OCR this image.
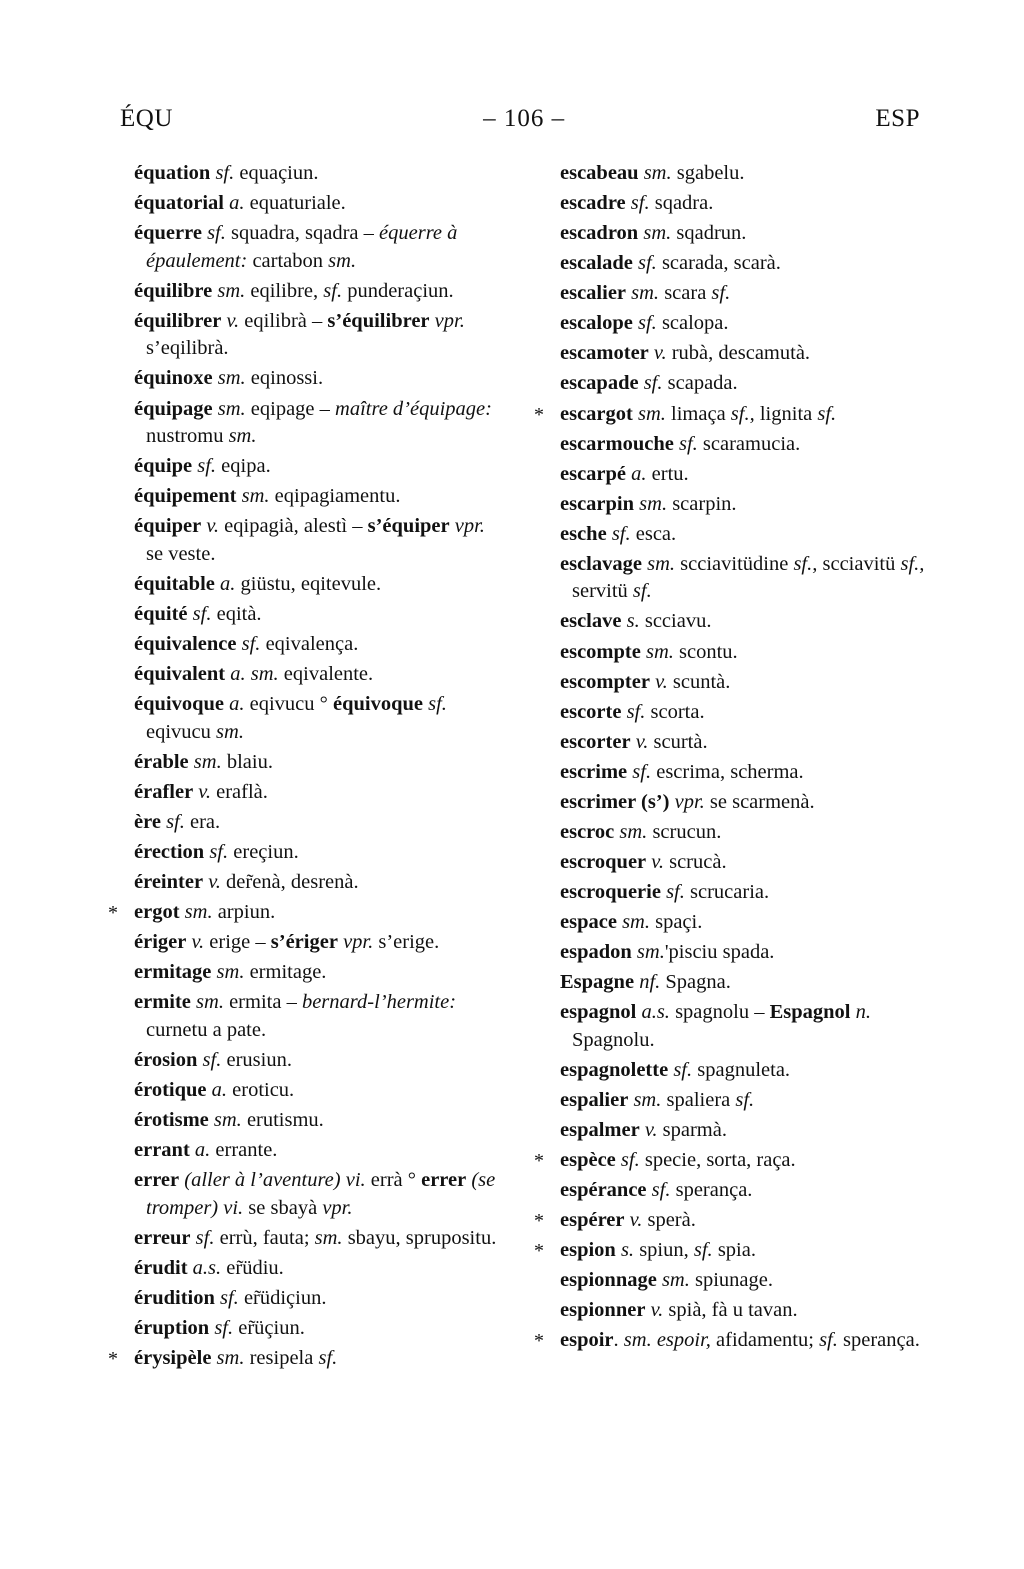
ÉQU	– 106 –	ESP
équation sf. equaçiun.
équatorial a. equaturiale.
équerre sf. squadra, sqadra – équerre à épaulement: cartabon sm.
équilibre sm. eqilibre, sf. punderaçiun.
équilibrer v. eqilibrà – s’équilibrer vpr. s’eqilibrà.
équinoxe sm. eqinossi.
équipage sm. eqipage – maître d’équipage: nustromu sm.
équipe sf. eqipa.
équipement sm. eqipagiamentu.
équiper v. eqipagià, alestì – s’équiper vpr. se veste.
équitable a. giüstu, eqitevule.
équité sf. eqità.
équivalence sf. eqivalença.
équivalent a. sm. eqivalente.
équivoque a. eqivucu ° équivoque sf. eqivucu sm.
érable sm. blaiu.
érafler v. eraflà.
ère sf. era.
érection sf. ereçiun.
éreinter v. der̃enà, desrenà.
* ergot sm. arpiun.
ériger v. erige – s’ériger vpr. s’erige.
ermitage sm. ermitage.
ermite sm. ermita – bernard-l’hermite: curnetu a pate.
érosion sf. erusiun.
érotique a. eroticu.
érotisme sm. erutismu.
errant a. errante.
errer (aller à l’aventure) vi. errà ° errer (se tromper) vi. se sbayà vpr.
erreur sf. errù, fauta; sm. sbayu, sprupositu.
érudit a.s. er̃üdiu.
érudition sf. er̃üdiçiun.
éruption sf. er̃üçiun.
* érysipèle sm. resipela sf.
escabeau sm. sgabelu.
escadre sf. sqadra.
escadron sm. sqadrun.
escalade sf. scarada, scarà.
escalier sm. scara sf.
escalope sf. scalopa.
escamoter v. rubà, descamutà.
escapade sf. scapada.
* escargot sm. limaça sf., lignita sf.
escarmouche sf. scaramucia.
escarpé a. ertu.
escarpin sm. scarpin.
esche sf. esca.
esclavage sm. scciavitüdine sf., scciavitü sf., servitü sf.
esclave s. scciavu.
escompte sm. scontu.
escompter v. scuntà.
escorte sf. scorta.
escorter v. scurtà.
escrime sf. escrima, scherma.
escrimer (s’) vpr. se scarmenà.
escroc sm. scrucun.
escroquer v. scrucà.
escroquerie sf. scrucaria.
espace sm. spaçi.
espadon sm.'pisciu spada.
Espagne nf. Spagna.
espagnol a.s. spagnolu – Espagnol n. Spagnolu.
espagnolette sf. spagnuleta.
espalier sm. spaliera sf.
espalmer v. sparmà.
* espèce sf. specie, sorta, raça.
espérance sf. sperança.
* espérer v. sperà.
* espion s. spiun, sf. spia.
espionnage sm. spiunage.
espionner v. spià, fà u tavan.
* espoir. sm. espoir, afidamentu; sf. sperança.
